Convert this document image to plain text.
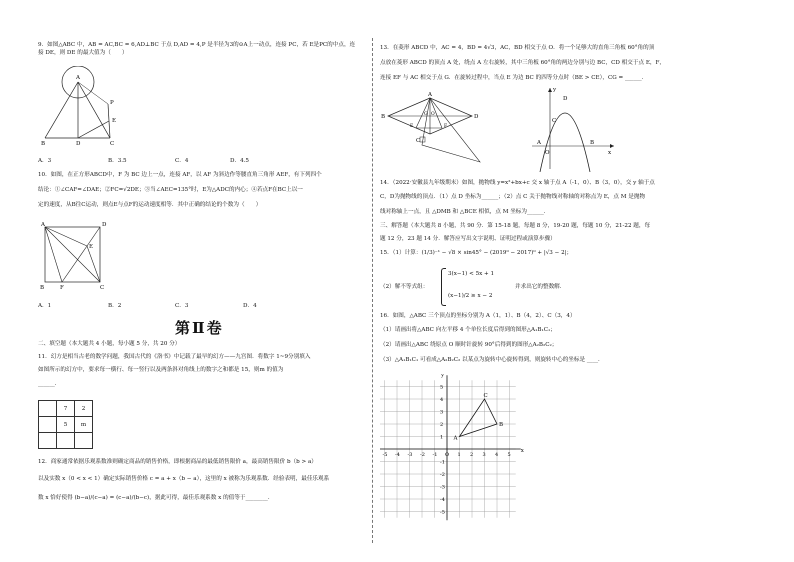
9．如图△ABC 中，AB = AC,BC = 6,AD⊥BC 于点 D,AD = 4,P 是半径为3的⊙A上一动点，连接 PC，若 E是PC的中点，连接 DE，则 DE 的最大值为（　　）
A
P
E
B	D	C
A．3	B．3.5	C．4	D．4.5
10．如图，在正方形ABCD中，F 为 BC 边上一点，连接 AF，以 AF 为斜边作等腰直角三角形 AEF，有下列四个
结论：①∠CAF=∠DAE；②FC=√2DE；③当∠AEC=135°时，E为△ADC的内心；④若点F在BC上以一
定的速度，从B往C运动，则点E与点F的运动速度相等．其中正确的结论的个数为（　　）
A	D
E
B	F	C
A．1	B．2	C．3	D．4
第Ⅱ卷
二、填空题（本大题共 4 小题，每小题 5 分，共 20 分）
11．幻方是相当古老的数学问题，我国古代的《洛书》中记载了最早的幻方——九宫图．将数字 1~9分别填入
如图所示的幻方中，要求每一横行、每一竖行以及两条斜对角线上的数字之和都是 15，则m 的值为
______．
	7	2
	5	m

12．商家通常依据乐观系数准则确定商品的销售价格，即根据商品的最低销售限价 a，最高销售限价 b（b > a）
以及实数 x（0 < x < 1）确定实际销售价格 c = a + x（b − a），这里的 x 被称为乐观系数．经验表明，最佳乐观系
数 x 恰好使得 (b−a)/(c−a) = (c−a)/(b−c)，据此可得，最佳乐观系数 x 的值等于________．
13．在菱形 ABCD 中，AC = 4，BD = 4√3，AC，BD 相交于点 O．将一个足够大的直角三角板 60°角的顶
点放在菱形 ABCD 的顶点 A 处，绕点 A 左右旋转，其中三角板 60°角的两边分别与边 BC，CD 相交于点 E，F，
连接 EF 与 AC 相交于点 G．在旋转过程中，当点 E 为边 BC 的四等分点时（BE > CE），CG = ______．
A
B	D
C
O
G
F
E
y
x
D
C
A
O
B
14．（2022·安徽县九年级期末）如图，抛物线 y=x²+bx+c 交 x 轴于点 A（-1，0）、B（3，0），交 y 轴于点
C，D为抛物线的顶点．（1）点 D 坐标为______；（2）点 C 关于抛物线对称轴的对称点为 E，点 M 是抛物
线对称轴上一点，且 △DMB 和 △BCE 相似，点 M 坐标为______．
三、解答题（本大题共 8 小题，共 90 分．第 15-18 题，每题 8 分，19-20 题，每题 10 分，21-22 题，每
题 12 分，23 题 14 分．解答应写出文字说明、证明过程或演算步骤）
15．（1）计算：(1/3)⁻¹ − √8 × sin45° − (2019⁰ − 2017)⁰ + |√3 − 2|；
（2）解不等式组：
3(x−1) < 5x + 1
(x−1)/2 ≥ x − 2
并求出它的整数解．
16．如图，△ABC 三个顶点的坐标分别为 A（1，1）、B（4，2）、C（3，4）
（1）请画出将△ABC 向左平移 4 个单位长度后得到的图形△A₁B₁C₁；
（2）请画出△ABC 绕原点 O 顺时针旋转 90°后得到的图形△A₂B₂C₂；
（3）△A₁B₁C₁ 可看成△A₂B₂C₂ 以某点为旋转中心旋转得到，则旋转中心的坐标是 ____．
-5 -4 -3 -2 -1 O 1 2 3 4 5
5
4
3
2
1
-1
-2
-3
-4
-5
x
y
A
B
C
